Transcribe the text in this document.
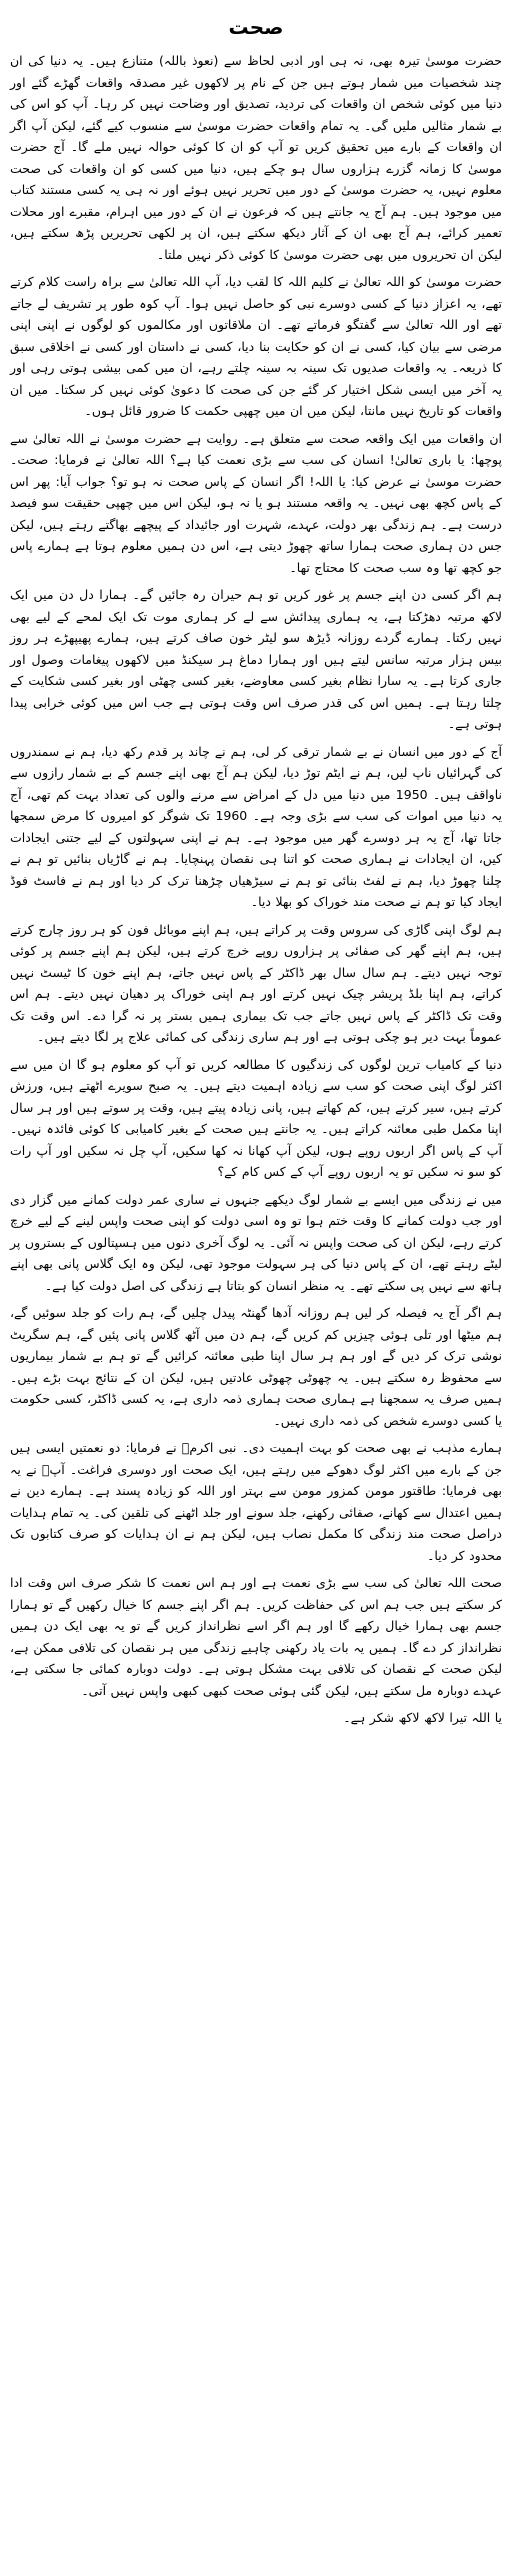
صحت

حضرت موسیٰ تیرہ بھی، نہ ہی اور ادبی لحاظ سے (نعوذ باللہ) متنازع ہیں۔ یہ دنیا کی ان چند شخصیات میں شمار ہوتے ہیں جن کے نام پر لاکھوں غیر مصدقہ واقعات گھڑے گئے اور دنیا میں کوئی شخص ان واقعات کی تردید، تصدیق اور وضاحت نہیں کر رہا۔ آپ کو اس کی بے شمار مثالیں ملیں گی۔ یہ تمام واقعات حضرت موسیٰ سے منسوب کیے گئے، لیکن آپ اگر ان واقعات کے بارے میں تحقیق کریں تو آپ کو ان کا کوئی حوالہ نہیں ملے گا۔ آج حضرت موسیٰ کا زمانہ گزرے ہزاروں سال ہو چکے ہیں، دنیا میں کسی کو ان واقعات کی صحت معلوم نہیں، یہ حضرت موسیٰ کے دور میں تحریر نہیں ہوئے اور نہ ہی یہ کسی مستند کتاب میں موجود ہیں۔ ہم آج یہ جانتے ہیں کہ فرعون نے ان کے دور میں اہرام، مقبرے اور محلات تعمیر کرائے، ہم آج بھی ان کے آثار دیکھ سکتے ہیں، ان پر لکھی تحریریں پڑھ سکتے ہیں، لیکن ان تحریروں میں بھی حضرت موسیٰ کا کوئی ذکر نہیں ملتا۔

حضرت موسیٰ کو اللہ تعالیٰ نے کلیم اللہ کا لقب دیا، آپ اللہ تعالیٰ سے براہ راست کلام کرتے تھے، یہ اعزاز دنیا کے کسی دوسرے نبی کو حاصل نہیں ہوا۔ آپ کوہ طور پر تشریف لے جاتے تھے اور اللہ تعالیٰ سے گفتگو فرماتے تھے۔ ان ملاقاتوں اور مکالموں کو لوگوں نے اپنی اپنی مرضی سے بیان کیا، کسی نے ان کو حکایت بنا دیا، کسی نے داستان اور کسی نے اخلاقی سبق کا ذریعہ۔ یہ واقعات صدیوں تک سینہ بہ سینہ چلتے رہے، ان میں کمی بیشی ہوتی رہی اور یہ آخر میں ایسی شکل اختیار کر گئے جن کی صحت کا دعویٰ کوئی نہیں کر سکتا۔ میں ان واقعات کو تاریخ نہیں مانتا، لیکن میں ان میں چھپی حکمت کا ضرور قائل ہوں۔

ان واقعات میں ایک واقعہ صحت سے متعلق ہے۔ روایت ہے حضرت موسیٰ نے اللہ تعالیٰ سے پوچھا: یا باری تعالیٰ! انسان کی سب سے بڑی نعمت کیا ہے؟ اللہ تعالیٰ نے فرمایا: صحت۔ حضرت موسیٰ نے عرض کیا: یا اللہ! اگر انسان کے پاس صحت نہ ہو تو؟ جواب آیا: پھر اس کے پاس کچھ بھی نہیں۔ یہ واقعہ مستند ہو یا نہ ہو، لیکن اس میں چھپی حقیقت سو فیصد درست ہے۔ ہم زندگی بھر دولت، عہدے، شہرت اور جائیداد کے پیچھے بھاگتے رہتے ہیں، لیکن جس دن ہماری صحت ہمارا ساتھ چھوڑ دیتی ہے، اس دن ہمیں معلوم ہوتا ہے ہمارے پاس جو کچھ تھا وہ سب صحت کا محتاج تھا۔

ہم اگر کسی دن اپنے جسم پر غور کریں تو ہم حیران رہ جائیں گے۔ ہمارا دل دن میں ایک لاکھ مرتبہ دھڑکتا ہے، یہ ہماری پیدائش سے لے کر ہماری موت تک ایک لمحے کے لیے بھی نہیں رکتا۔ ہمارے گردے روزانہ ڈیڑھ سو لیٹر خون صاف کرتے ہیں، ہمارے پھیپھڑے ہر روز بیس ہزار مرتبہ سانس لیتے ہیں اور ہمارا دماغ ہر سیکنڈ میں لاکھوں پیغامات وصول اور جاری کرتا ہے۔ یہ سارا نظام بغیر کسی معاوضے، بغیر کسی چھٹی اور بغیر کسی شکایت کے چلتا رہتا ہے۔ ہمیں اس کی قدر صرف اس وقت ہوتی ہے جب اس میں کوئی خرابی پیدا ہوتی ہے۔

آج کے دور میں انسان نے بے شمار ترقی کر لی، ہم نے چاند پر قدم رکھ دیا، ہم نے سمندروں کی گہرائیاں ناپ لیں، ہم نے ایٹم توڑ دیا، لیکن ہم آج بھی اپنے جسم کے بے شمار رازوں سے ناواقف ہیں۔ 1950 میں دنیا میں دل کے امراض سے مرنے والوں کی تعداد بہت کم تھی، آج یہ دنیا میں اموات کی سب سے بڑی وجہ ہے۔ 1960 تک شوگر کو امیروں کا مرض سمجھا جاتا تھا، آج یہ ہر دوسرے گھر میں موجود ہے۔ ہم نے اپنی سہولتوں کے لیے جتنی ایجادات کیں، ان ایجادات نے ہماری صحت کو اتنا ہی نقصان پہنچایا۔ ہم نے گاڑیاں بنائیں تو ہم نے چلنا چھوڑ دیا، ہم نے لفٹ بنائی تو ہم نے سیڑھیاں چڑھنا ترک کر دیا اور ہم نے فاسٹ فوڈ ایجاد کیا تو ہم نے صحت مند خوراک کو بھلا دیا۔

ہم لوگ اپنی گاڑی کی سروس وقت پر کراتے ہیں، ہم اپنے موبائل فون کو ہر روز چارج کرتے ہیں، ہم اپنے گھر کی صفائی پر ہزاروں روپے خرچ کرتے ہیں، لیکن ہم اپنے جسم پر کوئی توجہ نہیں دیتے۔ ہم سال سال بھر ڈاکٹر کے پاس نہیں جاتے، ہم اپنے خون کا ٹیسٹ نہیں کراتے، ہم اپنا بلڈ پریشر چیک نہیں کرتے اور ہم اپنی خوراک پر دھیان نہیں دیتے۔ ہم اس وقت تک ڈاکٹر کے پاس نہیں جاتے جب تک بیماری ہمیں بستر پر نہ گرا دے۔ اس وقت تک عموماً بہت دیر ہو چکی ہوتی ہے اور ہم ساری زندگی کی کمائی علاج پر لگا دیتے ہیں۔

دنیا کے کامیاب ترین لوگوں کی زندگیوں کا مطالعہ کریں تو آپ کو معلوم ہو گا ان میں سے اکثر لوگ اپنی صحت کو سب سے زیادہ اہمیت دیتے ہیں۔ یہ صبح سویرے اٹھتے ہیں، ورزش کرتے ہیں، سیر کرتے ہیں، کم کھاتے ہیں، پانی زیادہ پیتے ہیں، وقت پر سوتے ہیں اور ہر سال اپنا مکمل طبی معائنہ کراتے ہیں۔ یہ جانتے ہیں صحت کے بغیر کامیابی کا کوئی فائدہ نہیں۔ آپ کے پاس اگر اربوں روپے ہوں، لیکن آپ کھانا نہ کھا سکیں، آپ چل نہ سکیں اور آپ رات کو سو نہ سکیں تو یہ اربوں روپے آپ کے کس کام کے؟

میں نے زندگی میں ایسے بے شمار لوگ دیکھے جنہوں نے ساری عمر دولت کمانے میں گزار دی اور جب دولت کمانے کا وقت ختم ہوا تو وہ اسی دولت کو اپنی صحت واپس لینے کے لیے خرچ کرتے رہے، لیکن ان کی صحت واپس نہ آئی۔ یہ لوگ آخری دنوں میں ہسپتالوں کے بستروں پر لیٹے رہتے تھے، ان کے پاس دنیا کی ہر سہولت موجود تھی، لیکن وہ ایک گلاس پانی بھی اپنے ہاتھ سے نہیں پی سکتے تھے۔ یہ منظر انسان کو بتاتا ہے زندگی کی اصل دولت کیا ہے۔

ہم اگر آج یہ فیصلہ کر لیں ہم روزانہ آدھا گھنٹہ پیدل چلیں گے، ہم رات کو جلد سوئیں گے، ہم میٹھا اور تلی ہوئی چیزیں کم کریں گے، ہم دن میں آٹھ گلاس پانی پئیں گے، ہم سگریٹ نوشی ترک کر دیں گے اور ہم ہر سال اپنا طبی معائنہ کرائیں گے تو ہم بے شمار بیماریوں سے محفوظ رہ سکتے ہیں۔ یہ چھوٹی چھوٹی عادتیں ہیں، لیکن ان کے نتائج بہت بڑے ہیں۔ ہمیں صرف یہ سمجھنا ہے ہماری صحت ہماری ذمہ داری ہے، یہ کسی ڈاکٹر، کسی حکومت یا کسی دوسرے شخص کی ذمہ داری نہیں۔

ہمارے مذہب نے بھی صحت کو بہت اہمیت دی۔ نبی اکرمؐ نے فرمایا: دو نعمتیں ایسی ہیں جن کے بارے میں اکثر لوگ دھوکے میں رہتے ہیں، ایک صحت اور دوسری فراغت۔ آپؐ نے یہ بھی فرمایا: طاقتور مومن کمزور مومن سے بہتر اور اللہ کو زیادہ پسند ہے۔ ہمارے دین نے ہمیں اعتدال سے کھانے، صفائی رکھنے، جلد سونے اور جلد اٹھنے کی تلقین کی۔ یہ تمام ہدایات دراصل صحت مند زندگی کا مکمل نصاب ہیں، لیکن ہم نے ان ہدایات کو صرف کتابوں تک محدود کر دیا۔

صحت اللہ تعالیٰ کی سب سے بڑی نعمت ہے اور ہم اس نعمت کا شکر صرف اس وقت ادا کر سکتے ہیں جب ہم اس کی حفاظت کریں۔ ہم اگر اپنے جسم کا خیال رکھیں گے تو ہمارا جسم بھی ہمارا خیال رکھے گا اور ہم اگر اسے نظرانداز کریں گے تو یہ بھی ایک دن ہمیں نظرانداز کر دے گا۔ ہمیں یہ بات یاد رکھنی چاہیے زندگی میں ہر نقصان کی تلافی ممکن ہے، لیکن صحت کے نقصان کی تلافی بہت مشکل ہوتی ہے۔ دولت دوبارہ کمائی جا سکتی ہے، عہدے دوبارہ مل سکتے ہیں، لیکن گئی ہوئی صحت کبھی کبھی واپس نہیں آتی۔

یا اللہ تیرا لاکھ لاکھ شکر ہے۔
